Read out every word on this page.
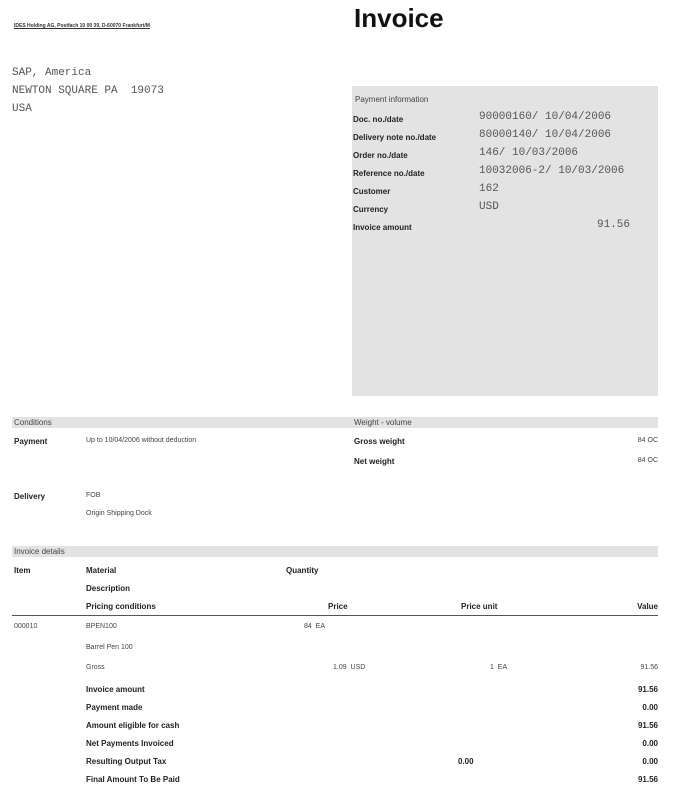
IDES Holding AG, Postfach 10 00 39, D-60070 Frankfurt/M	Invoice
SAP, America
NEWTON SQUARE PA  19073
USA
Payment information
Doc. no./date	90000160/ 10/04/2006
Delivery note no./date	80000140/ 10/04/2006
Order no./date	146/ 10/03/2006
Reference no./date	10032006-2/ 10/03/2006
Customer	162
Currency	USD
Invoice amount	91.56
Conditions	Weight - volume
Payment	Up to 10/04/2006 without deduction
Delivery	FOB
Origin Shipping Dock
Gross weight	84 OC
Net weight	84 OC
Invoice details
Item	Material	Quantity
Description
Pricing conditions	Price	Price unit	Value
000010	BPEN100	84  EA
Barrel Pen 100
Gross	1.09  USD	1  EA	91.56
Invoice amount	91.56
Payment made	0.00
Amount eligible for cash	91.56
Net Payments Invoiced	0.00
Resulting Output Tax	0.00	0.00
Final Amount To Be Paid	91.56
